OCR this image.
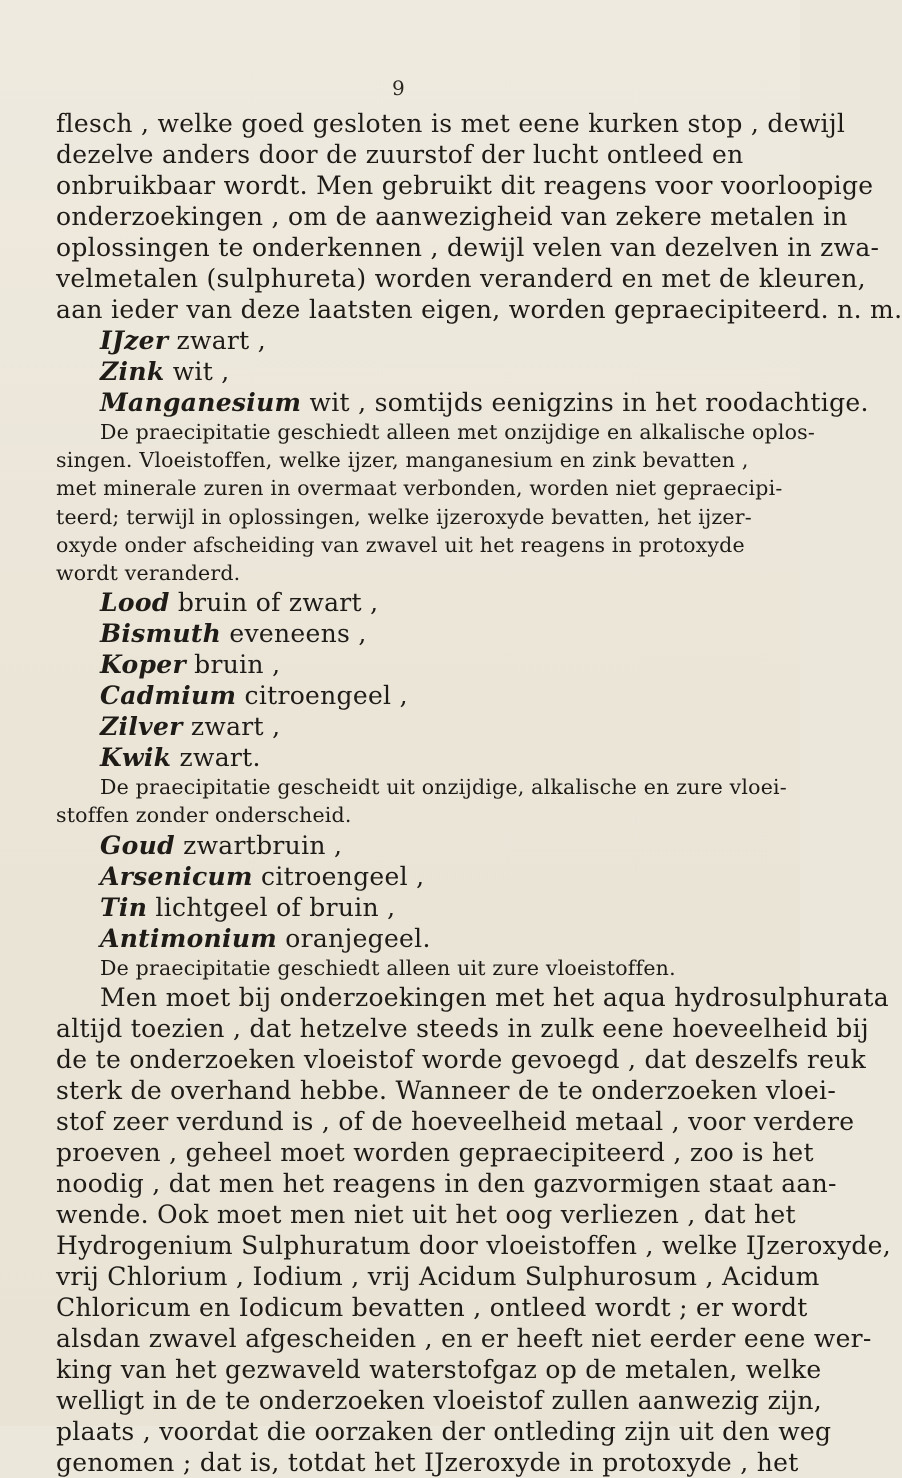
9
flesch , welke goed gesloten is met eene kurken stop , dewijl
dezelve anders door de zuurstof der lucht ontleed en
onbruikbaar wordt. Men gebruikt dit reagens voor voorloopige
onderzoekingen , om de aanwezigheid van zekere metalen in
oplossingen te onderkennen , dewijl velen van dezelven in zwa-
velmetalen (sulphureta) worden veranderd en met de kleuren,
aan ieder van deze laatsten eigen, worden gepraecipiteerd. n. m.
IJzer zwart ,
Zink wit ,
Manganesium wit , somtijds eenigzins in het roodachtige.
De praecipitatie geschiedt alleen met onzijdige en alkalische oplos-
singen. Vloeistoffen, welke ijzer, manganesium en zink bevatten ,
met minerale zuren in overmaat verbonden, worden niet gepraecipi-
teerd; terwijl in oplossingen, welke ijzeroxyde bevatten, het ijzer-
oxyde onder afscheiding van zwavel uit het reagens in protoxyde
wordt veranderd.
Lood bruin of zwart ,
Bismuth eveneens ,
Koper bruin ,
Cadmium citroengeel ,
Zilver zwart ,
Kwik zwart.
De praecipitatie gescheidt uit onzijdige, alkalische en zure vloei-
stoffen zonder onderscheid.
Goud zwartbruin ,
Arsenicum citroengeel ,
Tin lichtgeel of bruin ,
Antimonium oranjegeel.
De praecipitatie geschiedt alleen uit zure vloeistoffen.
Men moet bij onderzoekingen met het aqua hydrosulphurata
altijd toezien , dat hetzelve steeds in zulk eene hoeveelheid bij
de te onderzoeken vloeistof worde gevoegd , dat deszelfs reuk
sterk de overhand hebbe. Wanneer de te onderzoeken vloei-
stof zeer verdund is , of de hoeveelheid metaal , voor verdere
proeven , geheel moet worden gepraecipiteerd , zoo is het
noodig , dat men het reagens in den gazvormigen staat aan-
wende. Ook moet men niet uit het oog verliezen , dat het
Hydrogenium Sulphuratum door vloeistoffen , welke IJzeroxyde,
vrij Chlorium , Iodium , vrij Acidum Sulphurosum , Acidum
Chloricum en Iodicum bevatten , ontleed wordt ; er wordt
alsdan zwavel afgescheiden , en er heeft niet eerder eene wer-
king van het gezwaveld waterstofgaz op de metalen, welke
welligt in de te onderzoeken vloeistof zullen aanwezig zijn,
plaats , voordat die oorzaken der ontleding zijn uit den weg
genomen ; dat is, totdat het IJzeroxyde in protoxyde , het
